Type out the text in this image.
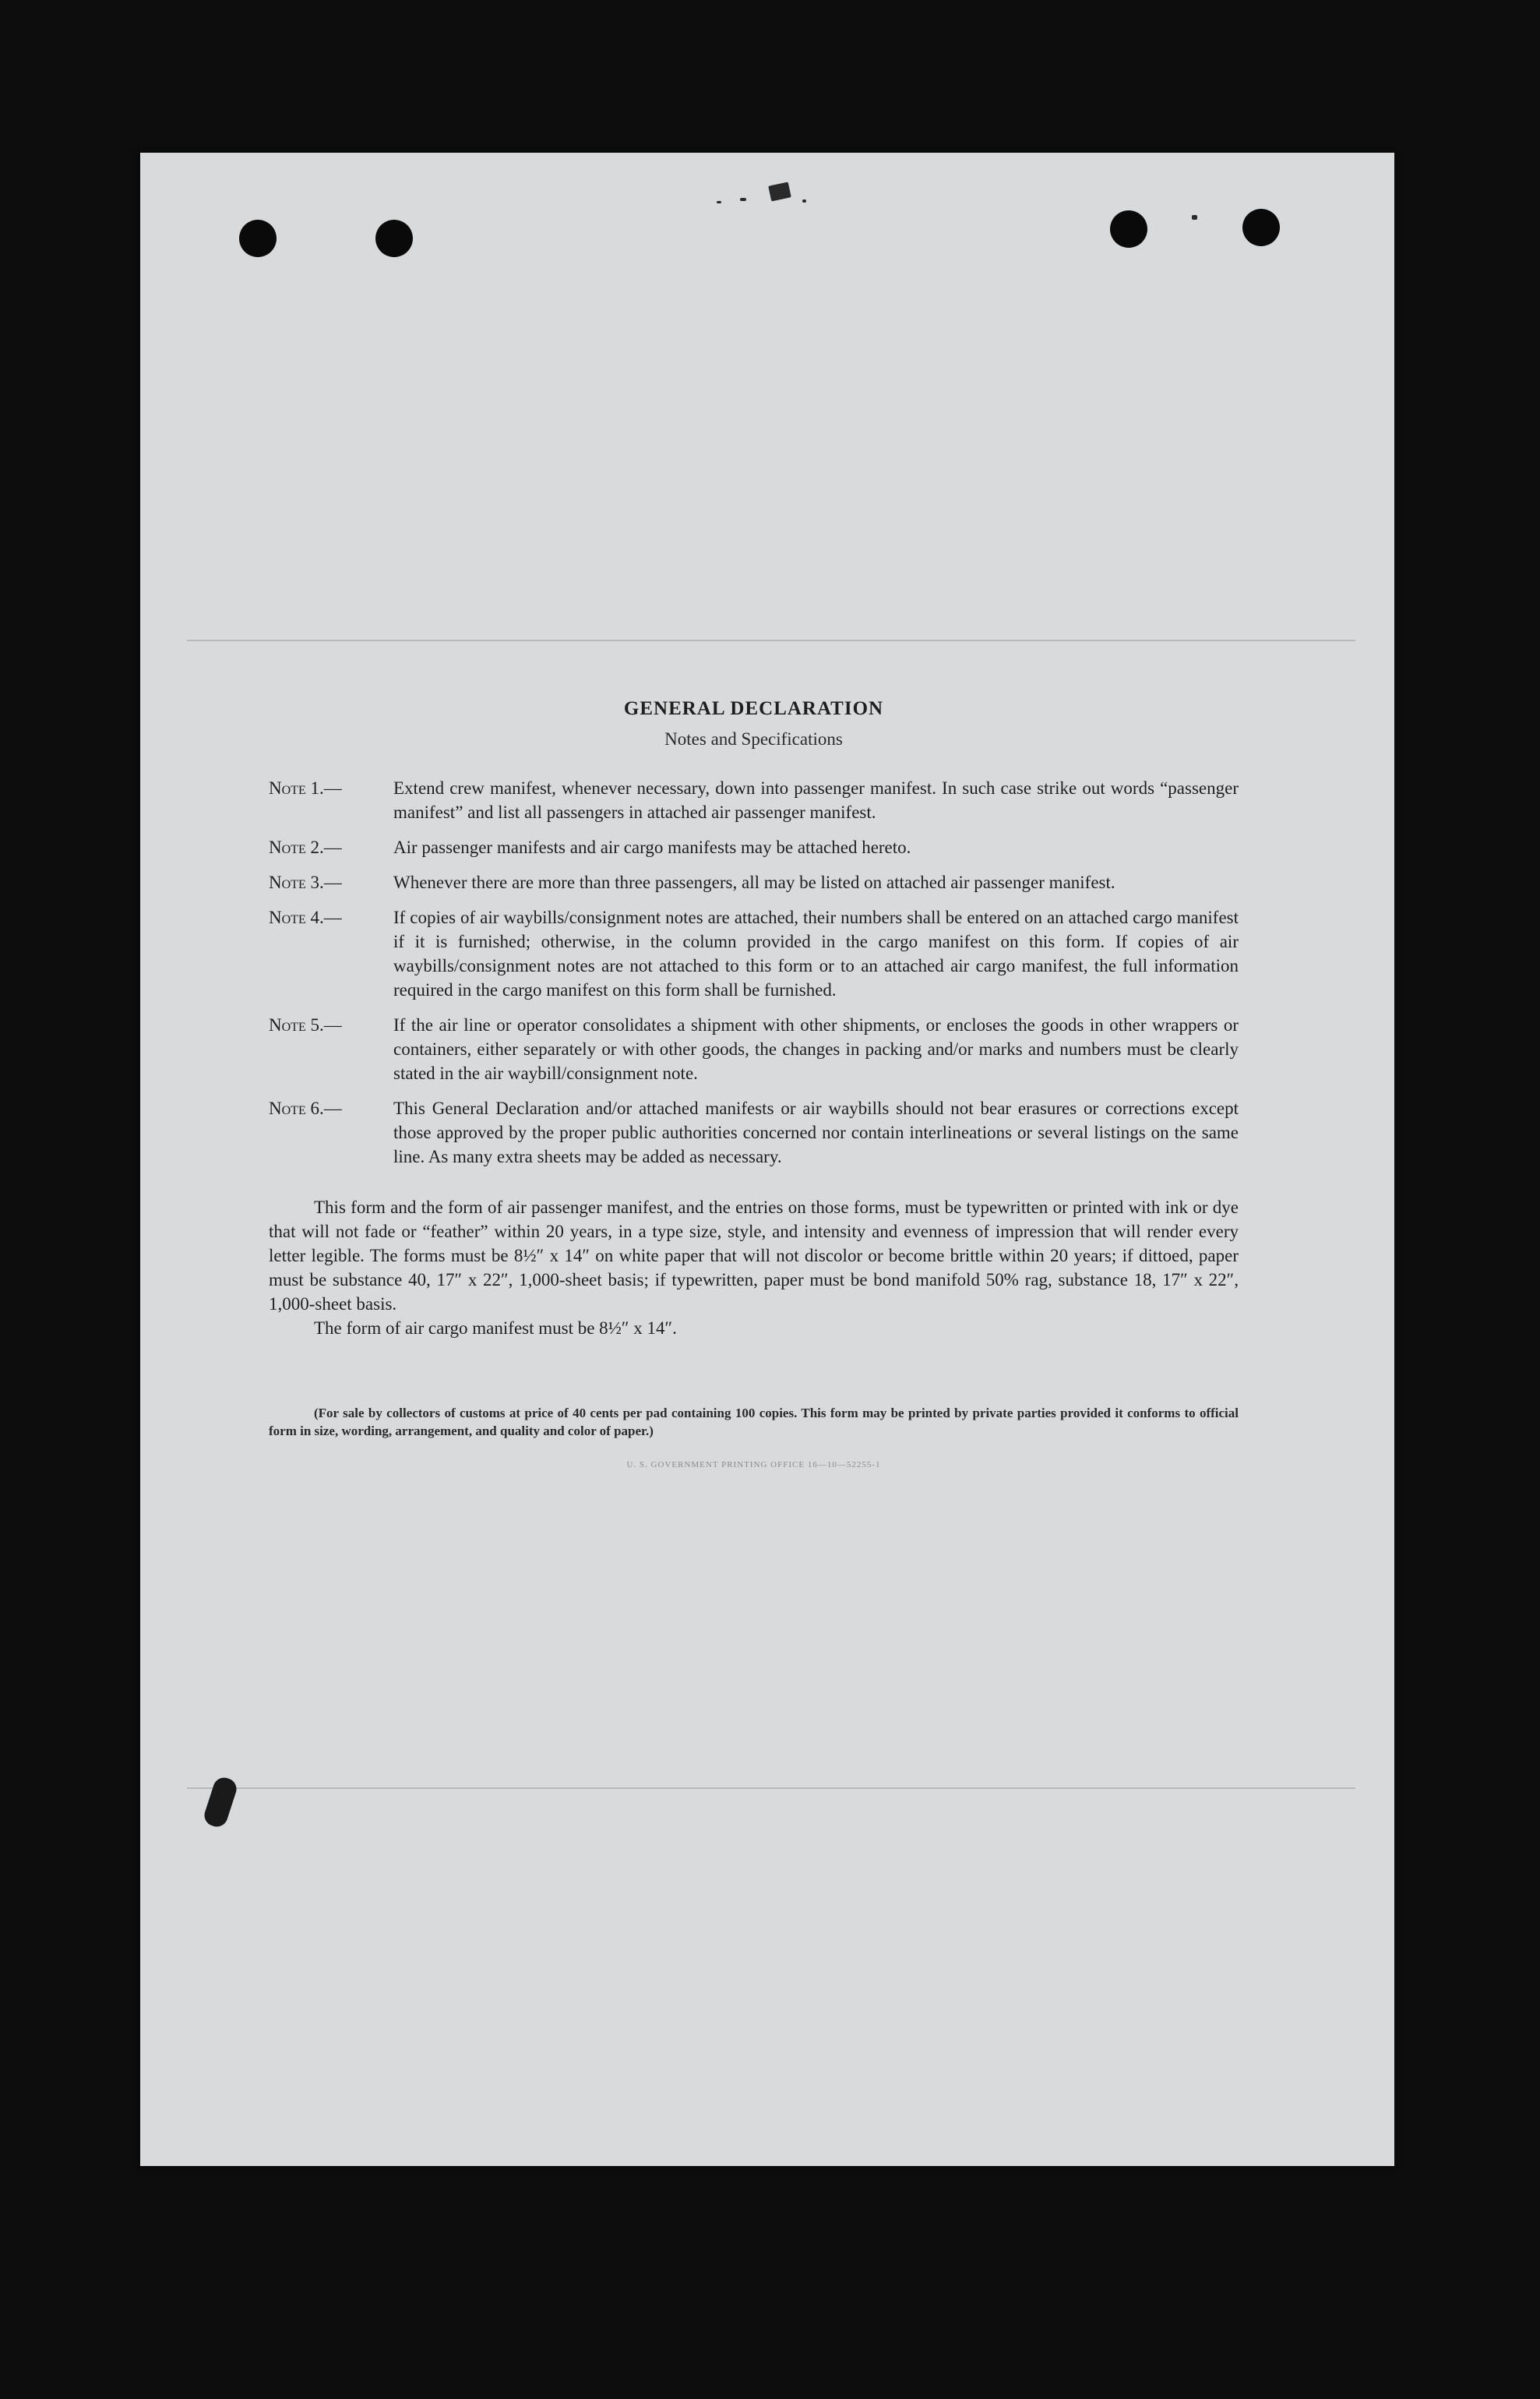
GENERAL DECLARATION
Notes and Specifications
Note 1.—	Extend crew manifest, whenever necessary, down into passenger manifest. In such case strike out words “passenger manifest” and list all passengers in attached air passenger manifest.
Note 2.—	Air passenger manifests and air cargo manifests may be attached hereto.
Note 3.—	Whenever there are more than three passengers, all may be listed on attached air passenger manifest.
Note 4.—	If copies of air waybills/consignment notes are attached, their numbers shall be entered on an attached cargo manifest if it is furnished; otherwise, in the column provided in the cargo manifest on this form. If copies of air waybills/consignment notes are not attached to this form or to an attached air cargo manifest, the full information required in the cargo manifest on this form shall be furnished.
Note 5.—	If the air line or operator consolidates a shipment with other shipments, or encloses the goods in other wrappers or containers, either separately or with other goods, the changes in packing and/or marks and numbers must be clearly stated in the air waybill/consignment note.
Note 6.—	This General Declaration and/or attached manifests or air waybills should not bear erasures or corrections except those approved by the proper public authorities concerned nor contain interlineations or several listings on the same line. As many extra sheets may be added as necessary.

This form and the form of air passenger manifest, and the entries on those forms, must be typewritten or printed with ink or dye that will not fade or “feather” within 20 years, in a type size, style, and intensity and evenness of impression that will render every letter legible. The forms must be 8½″ x 14″ on white paper that will not discolor or become brittle within 20 years; if dittoed, paper must be substance 40, 17″ x 22″, 1,000-sheet basis; if typewritten, paper must be bond manifold 50% rag, substance 18, 17″ x 22″, 1,000-sheet basis.

The form of air cargo manifest must be 8½″ x 14″.

(For sale by collectors of customs at price of 40 cents per pad containing 100 copies. This form may be printed by private parties provided it conforms to official form in size, wording, arrangement, and quality and color of paper.)
U. S. GOVERNMENT PRINTING OFFICE 16—10—52255-1
